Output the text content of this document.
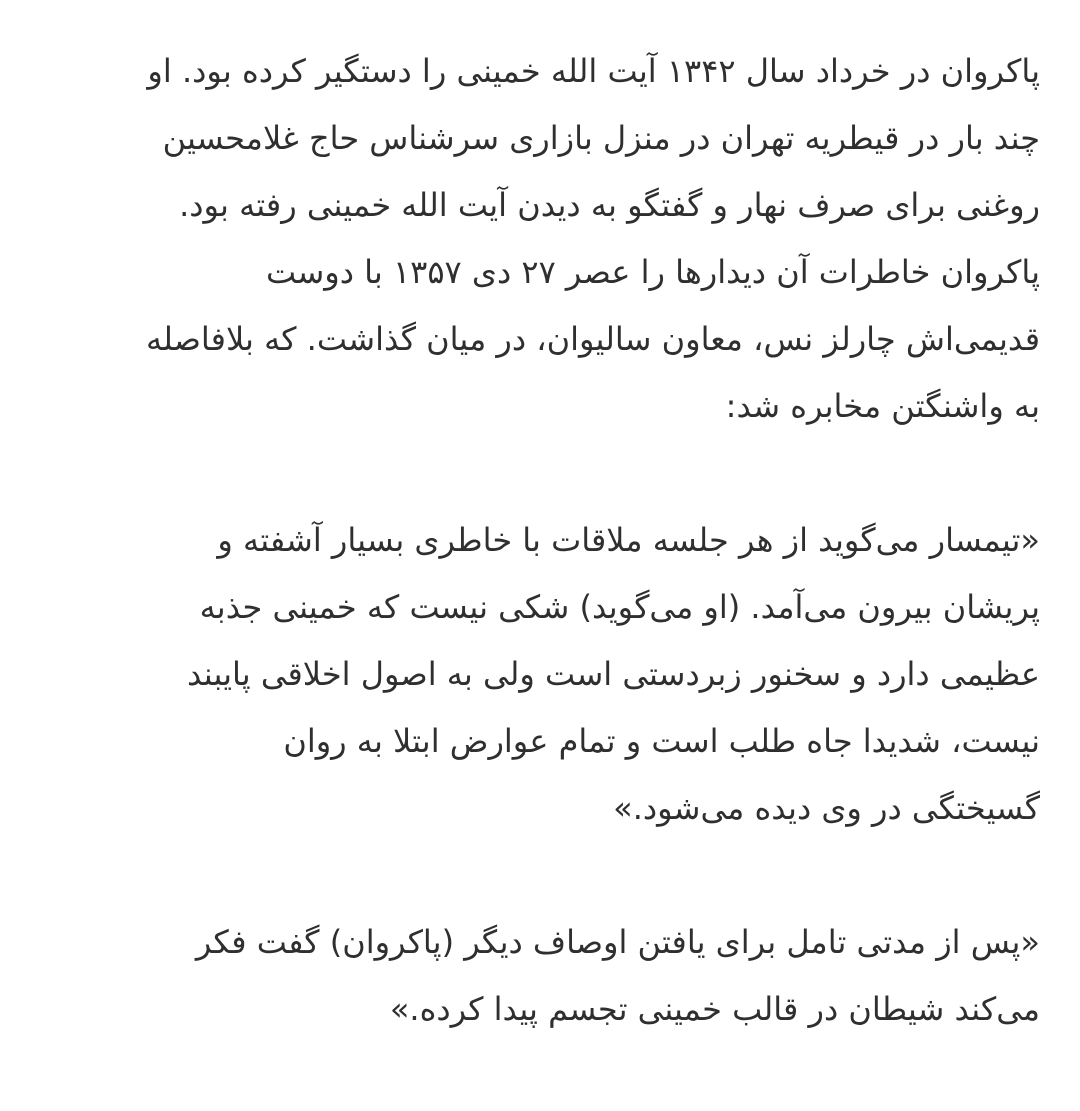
پاکروان در خرداد سال ۱۳۴۲ آیت الله خمینی را دستگیر کرده بود. او
چند بار در قیطریه تهران در منزل بازاری سرشناس حاج غلامحسین
روغنی برای صرف نهار و گفتگو به دیدن آیت الله خمینی رفته بود.
پاکروان خاطرات آن دیدارها را عصر ۲۷ دی ۱۳۵۷ با دوست
قدیمی‌اش چارلز نس، معاون سالیوان، در میان گذاشت. که بلافاصله
به واشنگتن مخابره شد:

«تیمسار می‌گوید از هر جلسه ملاقات با خاطری بسیار آشفته و
پریشان بیرون می‌آمد. (او می‌گوید) شکی نیست که خمینی جذبه
عظیمی دارد و سخنور زبردستی است ولی به اصول اخلاقی پایبند
نیست، شدیدا جاه طلب است و تمام عوارض ابتلا به روان
گسیختگی در وی دیده می‌شود.»

«پس از مدتی تامل برای یافتن اوصاف دیگر (پاکروان) گفت فکر
می‌کند شیطان در قالب خمینی تجسم پیدا کرده.»
